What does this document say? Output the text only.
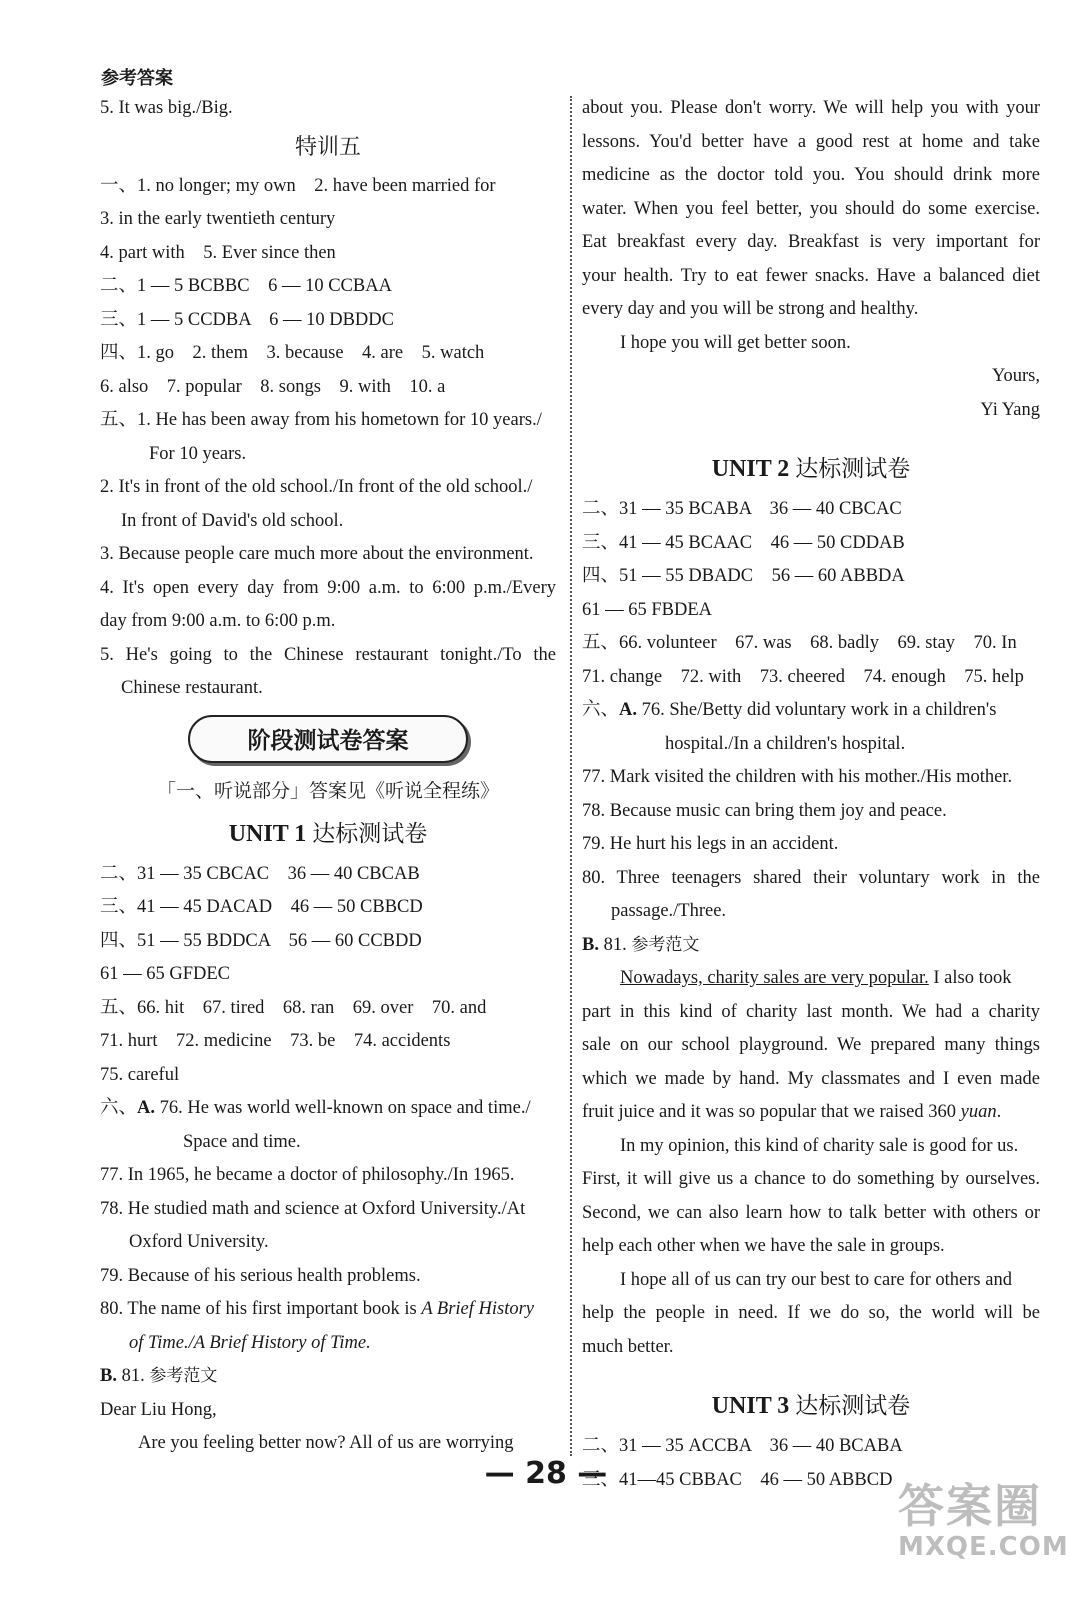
参考答案
5. It was big./Big.
特训五
一、1. no longer; my own　2. have been married for
3. in the early twentieth century
4. part with　5. Ever since then
二、1 — 5 BCBBC　6 — 10 CCBAA
三、1 — 5 CCDBA　6 — 10 DBDDC
四、1. go　2. them　3. because　4. are　5. watch
6. also　7. popular　8. songs　9. with　10. a
五、1. He has been away from his hometown for 10 years./
For 10 years.
2. It's in front of the old school./In front of the old school./
In front of David's old school.
3. Because people care much more about the environment.
4. It's open every day from 9:00 a.m. to 6:00 p.m./Every
day from 9:00 a.m. to 6:00 p.m.
5. He's going to the Chinese restaurant tonight./To the
Chinese restaurant.
阶段测试卷答案
「一、听说部分」答案见《听说全程练》
UNIT 1 达标测试卷
二、31 — 35 CBCAC　36 — 40 CBCAB
三、41 — 45 DACAD　46 — 50 CBBCD
四、51 — 55 BDDCA　56 — 60 CCBDD
61 — 65 GFDEC
五、66. hit　67. tired　68. ran　69. over　70. and
71. hurt　72. medicine　73. be　74. accidents
75. careful
六、A. 76. He was world well-known on space and time./
Space and time.
77. In 1965, he became a doctor of philosophy./In 1965.
78. He studied math and science at Oxford University./At
Oxford University.
79. Because of his serious health problems.
80. The name of his first important book is A Brief History
of Time./A Brief History of Time.
B. 81. 参考范文
Dear Liu Hong,
Are you feeling better now? All of us are worrying
about you. Please don't worry. We will help you with your
lessons. You'd better have a good rest at home and take
medicine as the doctor told you. You should drink more
water. When you feel better, you should do some exercise.
Eat breakfast every day. Breakfast is very important for
your health. Try to eat fewer snacks. Have a balanced diet
every day and you will be strong and healthy.
I hope you will get better soon.
Yours,
Yi Yang
UNIT 2 达标测试卷
二、31 — 35 BCABA　36 — 40 CBCAC
三、41 — 45 BCAAC　46 — 50 CDDAB
四、51 — 55 DBADC　56 — 60 ABBDA
61 — 65 FBDEA
五、66. volunteer　67. was　68. badly　69. stay　70. In
71. change　72. with　73. cheered　74. enough　75. help
六、A. 76. She/Betty did voluntary work in a children's
hospital./In a children's hospital.
77. Mark visited the children with his mother./His mother.
78. Because music can bring them joy and peace.
79. He hurt his legs in an accident.
80. Three teenagers shared their voluntary work in the
passage./Three.
B. 81. 参考范文
Nowadays, charity sales are very popular. I also took
part in this kind of charity last month. We had a charity
sale on our school playground. We prepared many things
which we made by hand. My classmates and I even made
fruit juice and it was so popular that we raised 360 yuan.
In my opinion, this kind of charity sale is good for us.
First, it will give us a chance to do something by ourselves.
Second, we can also learn how to talk better with others or
help each other when we have the sale in groups.
I hope all of us can try our best to care for others and
help the people in need. If we do so, the world will be
much better.
UNIT 3 达标测试卷
二、31 — 35 ACCBA　36 — 40 BCABA
三、41—45 CBBAC　46 — 50 ABBCD
— 28 —
答案圈
MXQE.COM
